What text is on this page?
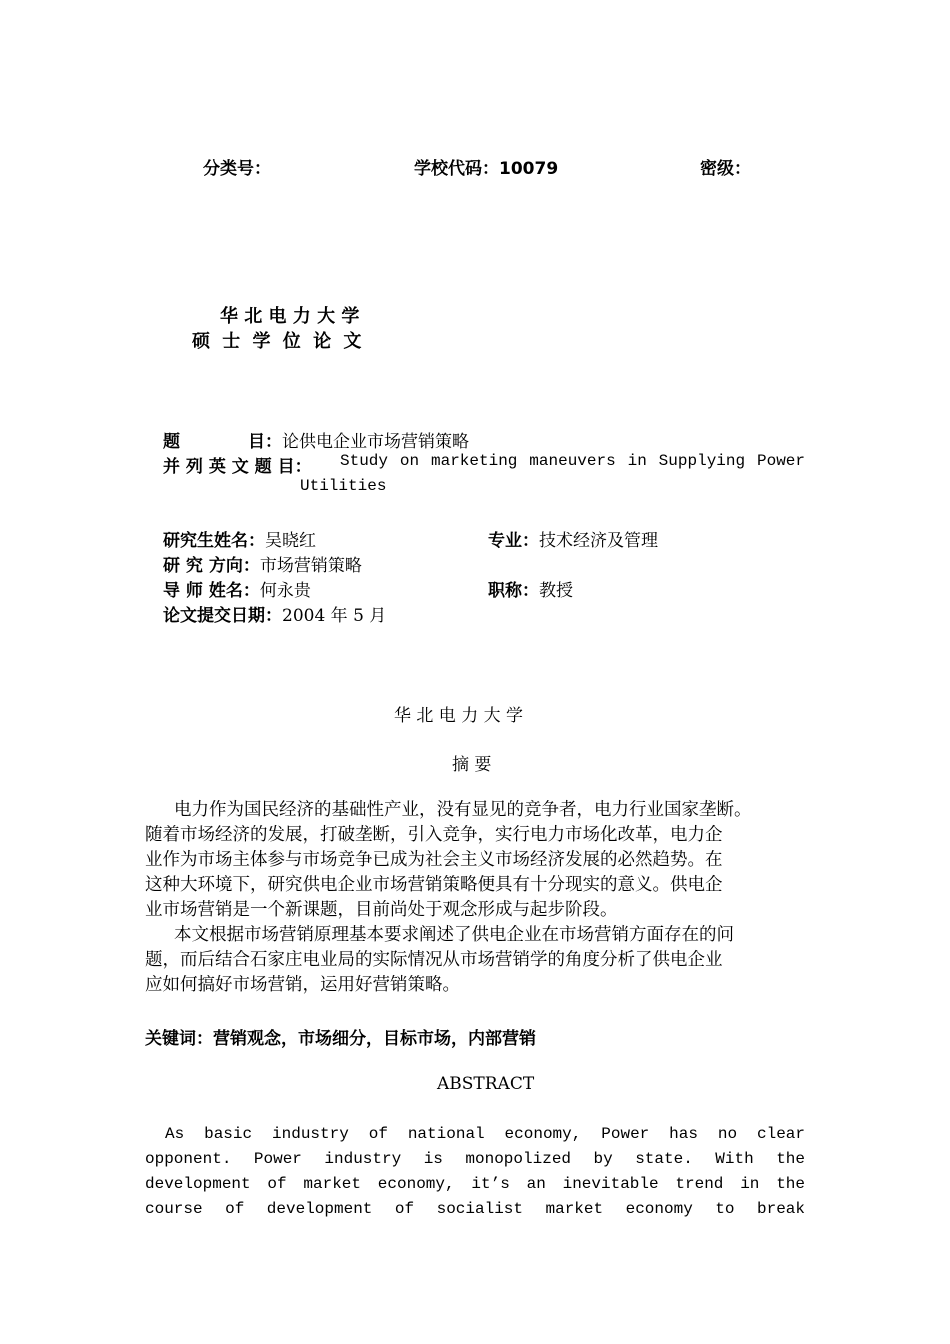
分类号：	学校代码：10079	密级：
华 北 电 力 大 学
硕 士 学 位 论 文
题　　　　目：论供电企业市场营销策略
并 列 英 文 题 目： Study on marketing maneuvers in Supplying Power
Utilities
研究生姓名：吴晓红	专业：技术经济及管理
研 究 方向：市场营销策略
导 师 姓名：何永贵	职称：教授
论文提交日期：2004 年 5 月
华 北 电 力 大 学
摘 要
电力作为国民经济的基础性产业，没有显见的竞争者，电力行业国家垄断。
随着市场经济的发展，打破垄断，引入竞争，实行电力市场化改革，电力企
业作为市场主体参与市场竞争已成为社会主义市场经济发展的必然趋势。在
这种大环境下，研究供电企业市场营销策略便具有十分现实的意义。供电企
业市场营销是一个新课题，目前尚处于观念形成与起步阶段。
本文根据市场营销原理基本要求阐述了供电企业在市场营销方面存在的问
题，而后结合石家庄电业局的实际情况从市场营销学的角度分析了供电企业
应如何搞好市场营销，运用好营销策略。
关键词：营销观念，市场细分，目标市场，内部营销
ABSTRACT
As basic industry of national economy, Power has no clear
opponent. Power industry is monopolized by state. With the
development of market economy, it’s an inevitable trend in the
course of development of socialist market economy to break
